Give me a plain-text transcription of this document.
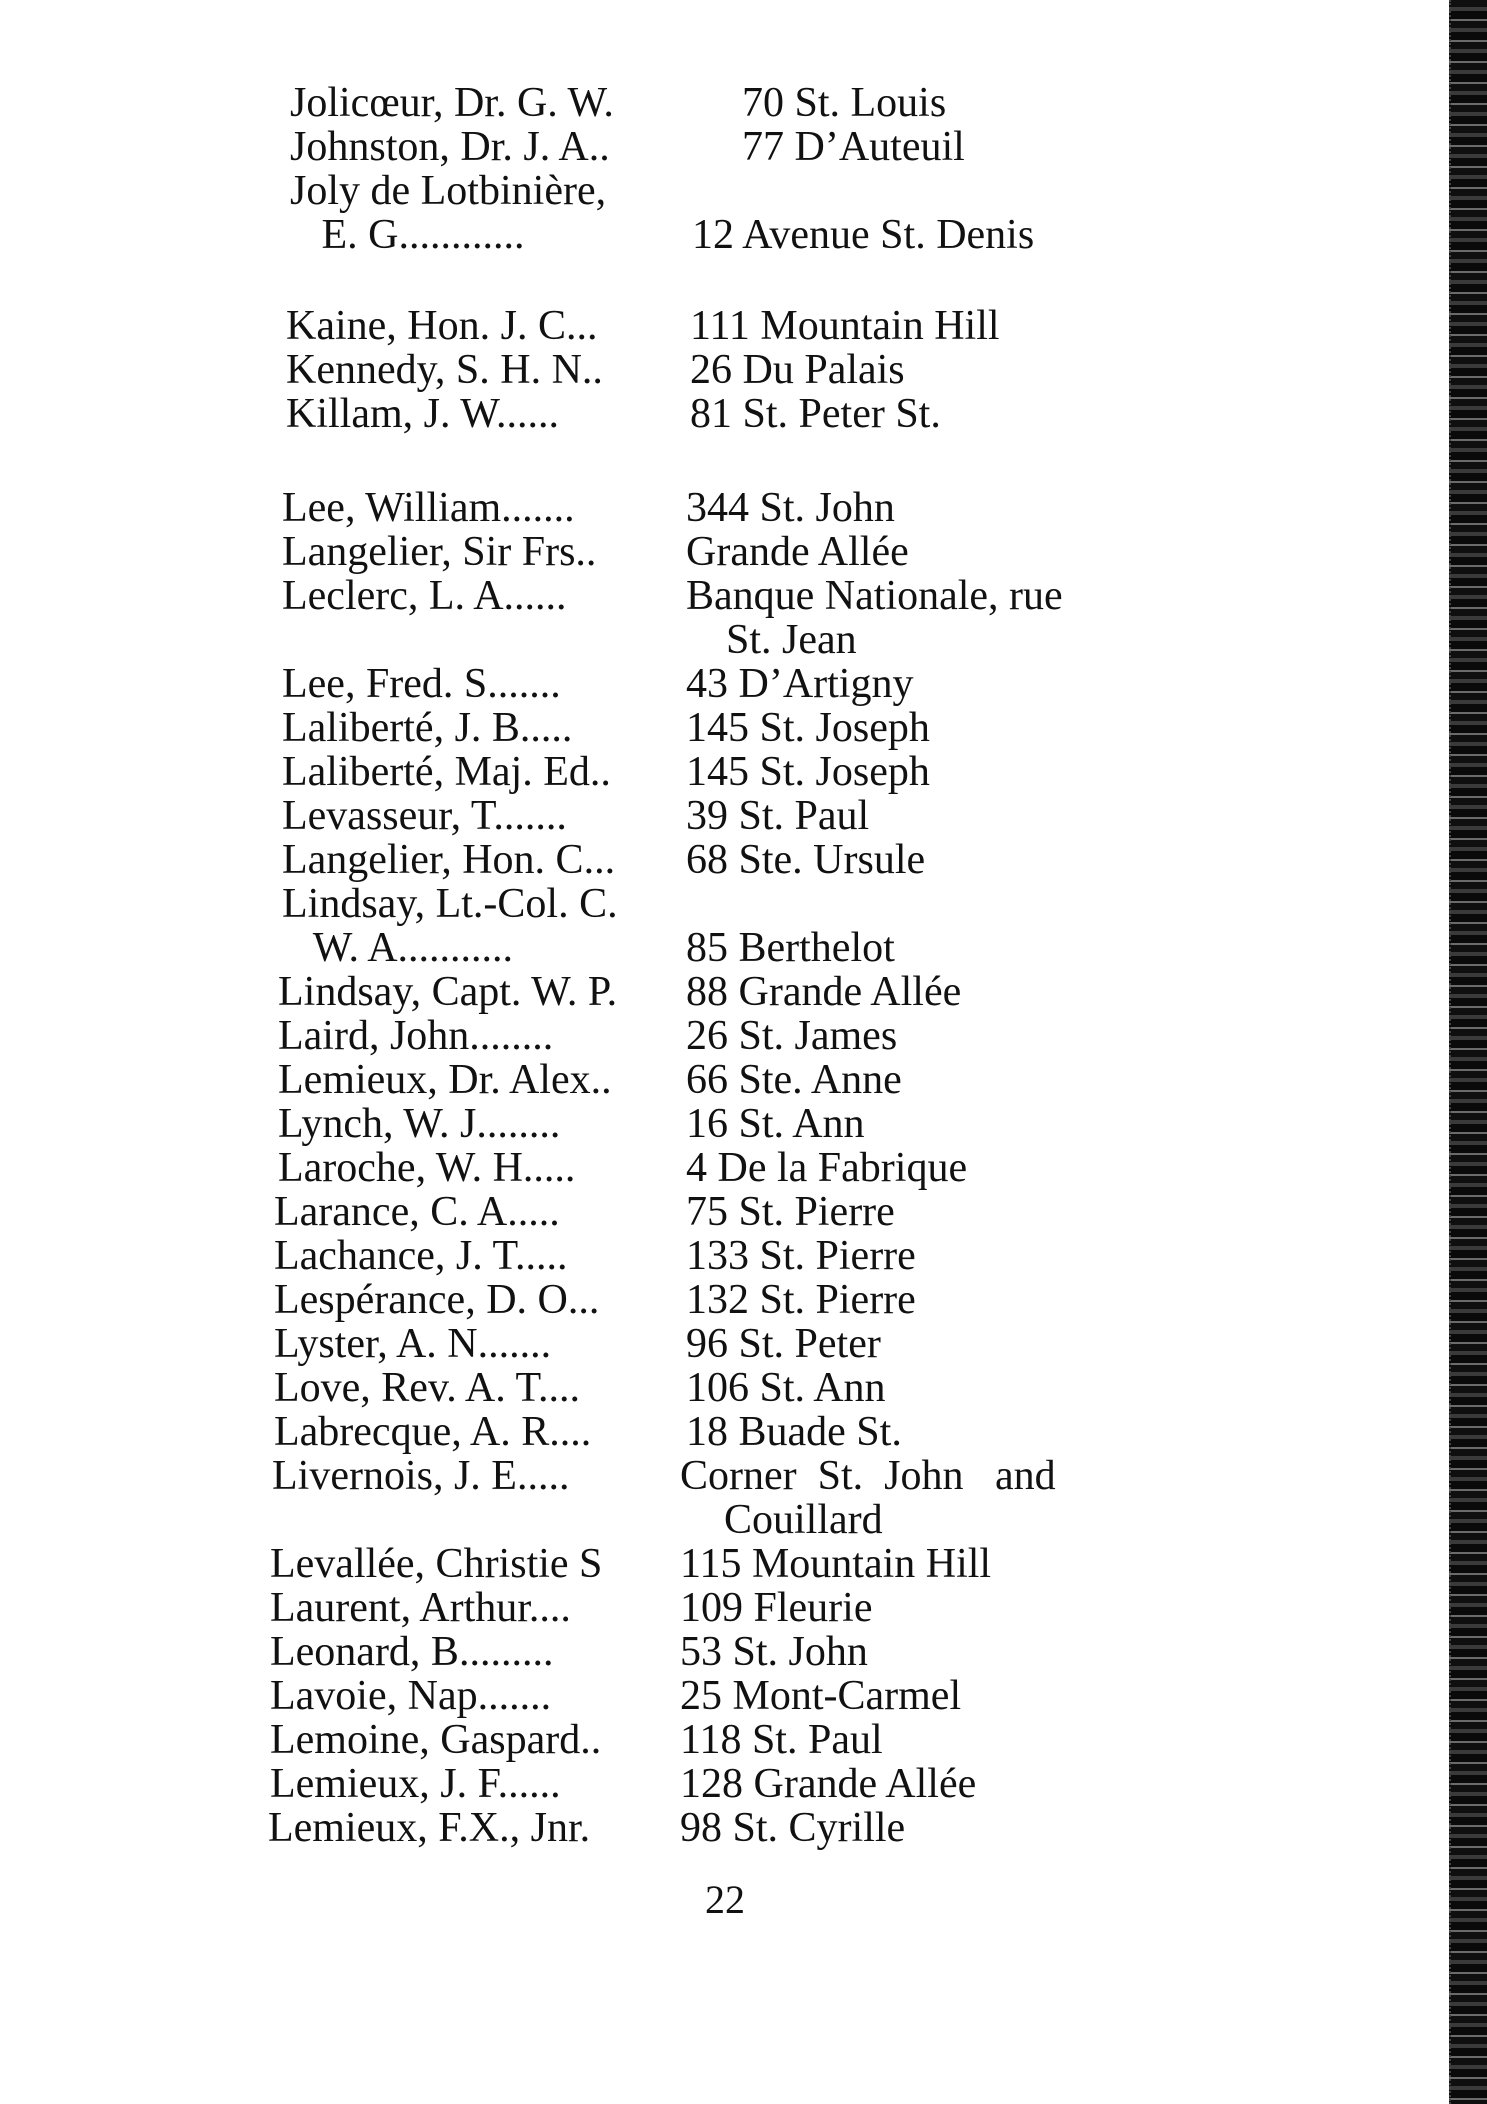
Jolicœur, Dr. G. W.	70 St. Louis
Johnston, Dr. J. A..	77 D’Auteuil
Joly de Lotbinière,
E. G............	12 Avenue St. Denis
Kaine, Hon. J. C... 111 Mountain Hill
Kennedy, S. H. N.. 26 Du Palais
Killam, J. W......	81 St. Peter St.
Lee, William.......	344 St. John
Langelier, Sir Frs.. Grande Allée
Leclerc, L. A......	Banque Nationale, rue
St. Jean
Lee, Fred. S.......	43 D’Artigny
Laliberté, J. B.....	145 St. Joseph
Laliberté, Maj. Ed.. 145 St. Joseph
Levasseur, T.......	39 St. Paul
Langelier, Hon. C... 68 Ste. Ursule
Lindsay, Lt.-Col. C.
W. A...........	85 Berthelot
Lindsay, Capt. W. P. 88 Grande Allée
Laird, John........	26 St. James
Lemieux, Dr. Alex.. 66 Ste. Anne
Lynch, W. J........	16 St. Ann
Laroche, W. H.....	4 De la Fabrique
Larance, C. A.....	75 St. Pierre
Lachance, J. T.....	133 St. Pierre
Lespérance, D. O... 132 St. Pierre
Lyster, A. N.......	96 St. Peter
Love, Rev. A. T....	106 St. Ann
Labrecque, A. R.... 18 Buade St.
Livernois, J. E.....	Corner  St.  John   and
Couillard
Levallée, Christie S 115 Mountain Hill
Laurent, Arthur....	109 Fleurie
Leonard, B.........	53 St. John
Lavoie, Nap.......	25 Mont-Carmel
Lemoine, Gaspard.. 118 St. Paul
Lemieux, J. F......	128 Grande Allée
Lemieux, F.X., Jnr. 98 St. Cyrille
22
